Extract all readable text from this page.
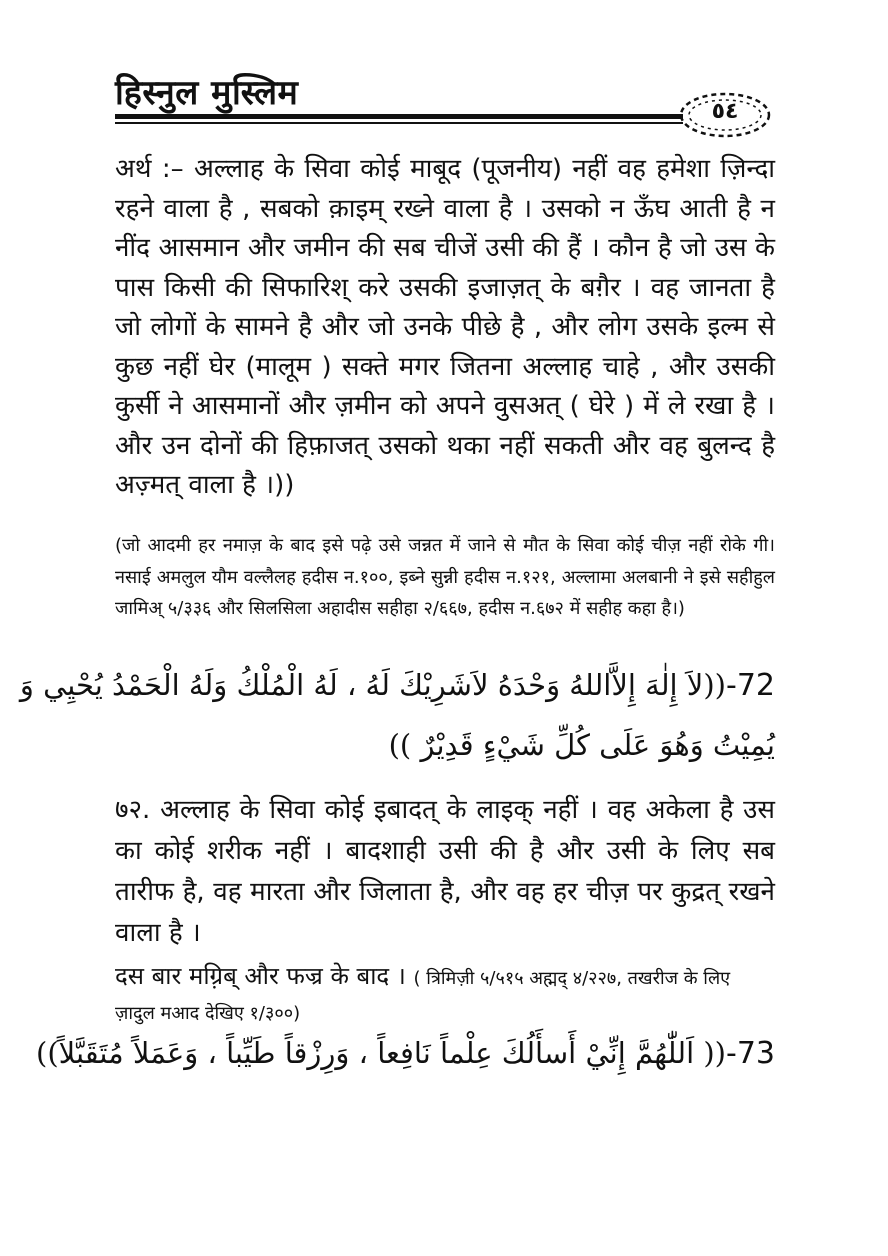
हिस्नुल मुस्लिम	٥٤
अर्थ :– अल्लाह के सिवा कोई माबूद (पूजनीय) नहीं वह हमेशा ज़िन्दा रहने वाला है , सबको क़ाइम् रख्ने वाला है । उसको न ऊँघ आती है न नींद आसमान और जमीन की सब चीजें उसी की हैं । कौन है जो उस के पास किसी की सिफारिश् करे उसकी इजाज़त् के बग़ैर । वह जानता है जो लोगों के सामने है और जो उनके पीछे है , और लोग उसके इल्म से कुछ नहीं घेर (मालूम ) सक्ते मगर जितना अल्लाह चाहे , और उसकी कुर्सी ने आसमानों और ज़मीन को अपने वुसअत् ( घेरे ) में ले रखा है । और उन दोनों की हिफ़ाजत् उसको थका नहीं सकती और वह बुलन्द है अज़्मत् वाला है ।))
(जो आदमी हर नमाज़ के बाद इसे पढ़े उसे जन्नत में जाने से मौत के सिवा कोई चीज़ नहीं रोके गी। नसाई अमलुल यौम वल्लैलह हदीस न.१००, इब्ने सुन्नी हदीस न.१२१, अल्लामा अलबानी ने इसे सहीहुल जामिअ् ५/३३६ और सिलसिला अहादीस सहीहा २/६६७, हदीस न.६७२ में सहीह कहा है।)
72-((لاَ إِلٰهَ إِلاَّاللهُ وَحْدَهُ لاَشَرِيْكَ لَهُ ، لَهُ الْمُلْكُ وَلَهُ الْحَمْدُ يُحْيِي وَ
يُمِيْتُ وَهُوَ عَلَى كُلِّ شَيْءٍ قَدِيْرٌ ))
७२. अल्लाह के सिवा कोई इबादत् के लाइक् नहीं । वह अकेला है उस का कोई शरीक नहीं । बादशाही उसी की है और उसी के लिए सब तारीफ है, वह मारता और जिलाता है, और वह हर चीज़ पर कुद्रत् रखने वाला है ।
दस बार मग़्रिब् और फज्र के बाद । ( त्रिमिज़ी ५/५१५ अह्मद् ४/२२७, तखरीज के लिए ज़ादुल मआद देखिए १/३००)
73-(( اَللّٰهُمَّ إِنِّيْ أَسأَلُكَ عِلْماً نَافِعاً ، وَرِزْقاً طَيِّباً ، وَعَمَلاً مُتَقَبَّلاً))
